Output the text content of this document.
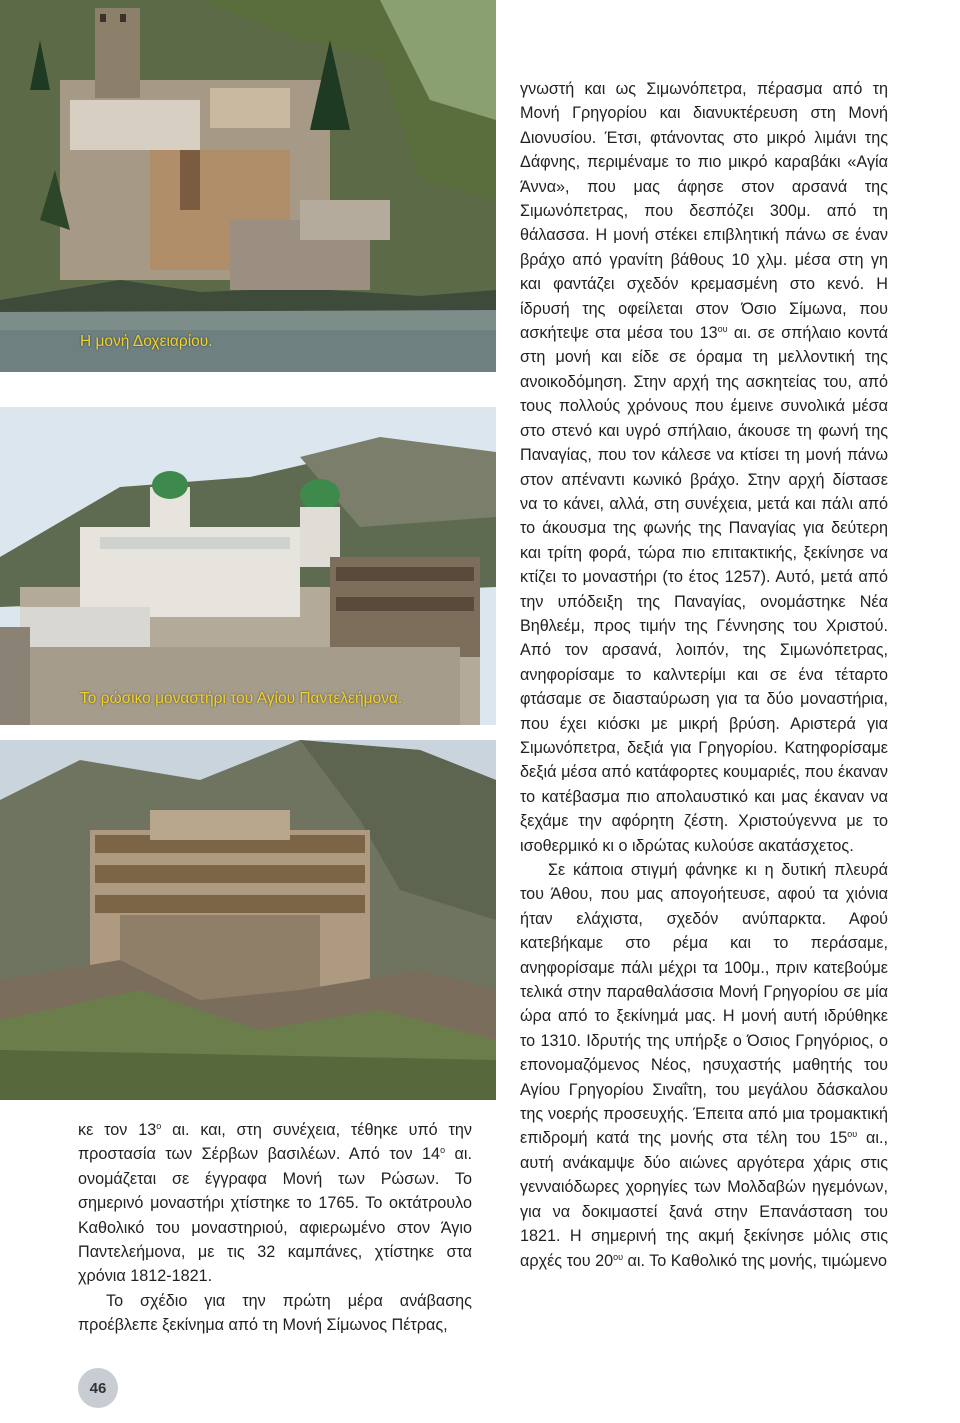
Η μονή Δοχειαρίου.
Το ρώσικο μοναστήρι του Αγίου Παντελεήμονα.

γνωστή και ως Σιμωνόπετρα, πέρασμα από τη Μονή Γρηγορίου και διανυκτέρευση στη Μονή Διονυσίου. Έτσι, φτάνοντας στο μικρό λιμάνι της Δάφνης, περιμέναμε το πιο μικρό καραβάκι «Αγία Άννα», που μας άφησε στον αρσανά της Σιμωνόπετρας, που δεσπόζει 300μ. από τη θάλασσα. Η μονή στέκει επιβλητική πάνω σε έναν βράχο από γρανίτη βάθους 10 χλμ. μέσα στη γη και φαντάζει σχεδόν κρεμασμένη στο κενό. Η ίδρυσή της οφείλεται στον Όσιο Σίμωνα, που ασκήτεψε στα μέσα του $13^{o\upsilon}$ αι. σε σπήλαιο κοντά στη μονή και είδε σε όραμα τη μελλοντική της ανοικοδόμηση. Στην αρχή της ασκητείας του, από τους πολλούς χρόνους που έμεινε συνολικά μέσα στο στενό και υγρό σπήλαιο, άκουσε τη φωνή της Παναγίας, που τον κάλεσε να κτίσει τη μονή πάνω στον απέναντι κωνικό βράχο. Στην αρχή δίστασε να το κάνει, αλλά, στη συνέχεια, μετά και πάλι από το άκουσμα της φωνής της Παναγίας για δεύτερη και τρίτη φορά, τώρα πιο επιτακτικής, ξεκίνησε να κτίζει το μοναστήρι (το έτος 1257). Αυτό, μετά από την υπόδειξη της Παναγίας, ονομάστηκε Νέα Βηθλεέμ, προς τιμήν της Γέννησης του Χριστού. Από τον αρσανά, λοιπόν, της Σιμωνόπετρας, ανηφορίσαμε το καλντερίμι και σε ένα τέταρτο φτάσαμε σε διασταύρωση για τα δύο μοναστήρια, που έχει κιόσκι με μικρή βρύση. Αριστερά για Σιμωνόπετρα, δεξιά για Γρηγορίου. Κατηφορίσαμε δεξιά μέσα από κατάφορτες κουμαριές, που έκαναν το κατέβασμα πιο απολαυστικό και μας έκαναν να ξεχάμε την αφόρητη ζέστη. Χριστούγεννα με το ισοθερμικό κι ο ιδρώτας κυλούσε ακατάσχετος.

Σε κάποια στιγμή φάνηκε κι η δυτική πλευρά του Άθου, που μας απογοήτευσε, αφού τα χιόνια ήταν ελάχιστα, σχεδόν ανύπαρκτα. Αφού κατεβήκαμε στο ρέμα και το περάσαμε, ανηφορίσαμε πάλι μέχρι τα 100μ., πριν κατεβούμε τελικά στην παραθαλάσσια Μονή Γρηγορίου σε μία ώρα από το ξεκίνημά μας. Η μονή αυτή ιδρύθηκε το 1310. Ιδρυτής της υπήρξε ο Όσιος Γρηγόριος, ο επονομαζόμενος Νέος, ησυχαστής μαθητής του Αγίου Γρηγορίου Σιναΐτη, του μεγάλου δάσκαλου της νοερής προσευχής. Έπειτα από μια τρομακτική επιδρομή κατά της μονής στα τέλη του $15^{o\upsilon}$ αι., αυτή ανάκαμψε δύο αιώνες αργότερα χάρις στις γενναιόδωρες χορηγίες των Μολδαβών ηγεμόνων, για να δοκιμαστεί ξανά στην Επανάσταση του 1821. Η σημερινή της ακμή ξεκίνησε μόλις στις αρχές του $20^{o\upsilon}$ αι. Το Καθολικό της μονής, τιμώμενο

κε τον $13^o$ αι. και, στη συνέχεια, τέθηκε υπό την προστασία των Σέρβων βασιλέων. Από τον $14^o$ αι. ονομάζεται σε έγγραφα Μονή των Ρώσων. Το σημερινό μοναστήρι χτίστηκε το 1765. Το οκτάτρουλο Καθολικό του μοναστηριού, αφιερωμένο στον Άγιο Παντελεήμονα, με τις 32 καμπάνες, χτίστηκε στα χρόνια 1812-1821.

Το σχέδιο για την πρώτη μέρα ανάβασης προέβλεπε ξεκίνημα από τη Μονή Σίμωνος Πέτρας,

46
